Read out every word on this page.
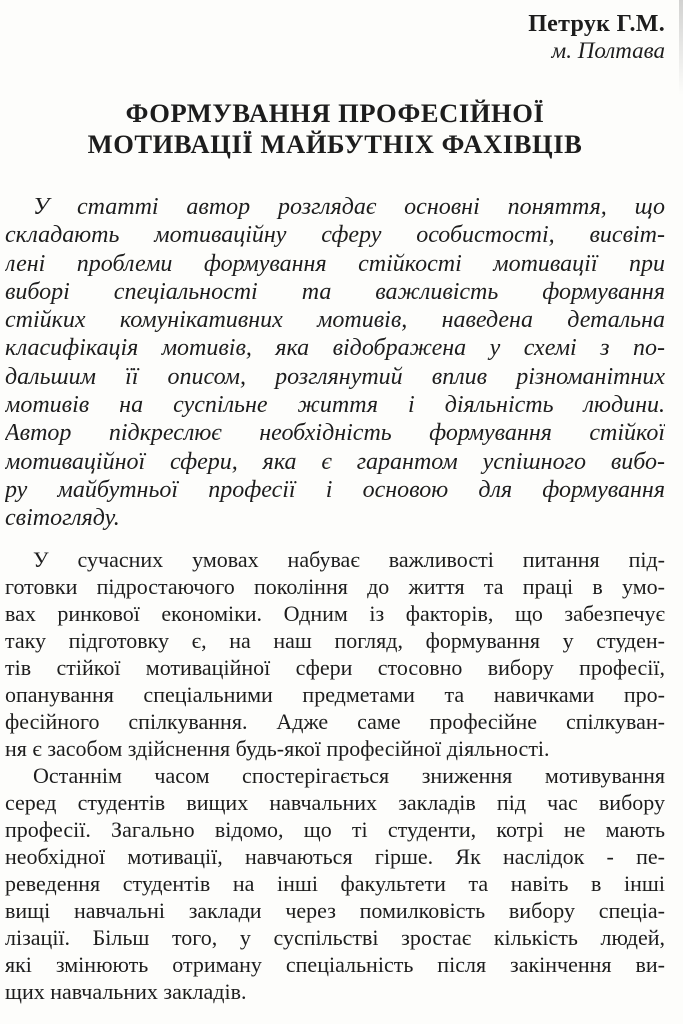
Петрук Г.М.
м. Полтава
ФОРМУВАННЯ ПРОФЕСІЙНОЇ
МОТИВАЦІЇ МАЙБУТНІХ ФАХІВЦІВ
У статті автор розглядає основні поняття, що
складають мотиваційну сферу особистості, висвіт-
лені проблеми формування стійкості мотивації при
виборі спеціальності та важливість формування
стійких комунікативних мотивів, наведена детальна
класифікація мотивів, яка відображена у схемі з по-
дальшим її описом, розглянутий вплив різноманітних
мотивів на суспільне життя і діяльність людини.
Автор підкреслює необхідність формування стійкої
мотиваційної сфери, яка є гарантом успішного вибо-
ру майбутньої професії і основою для формування
світогляду.
У сучасних умовах набуває важливості питання під-
готовки підростаючого покоління до життя та праці в умо-
вах ринкової економіки. Одним із факторів, що забезпечує
таку підготовку є, на наш погляд, формування у студен-
тів стійкої мотиваційної сфери стосовно вибору професії,
опанування спеціальними предметами та навичками про-
фесійного спілкування. Адже саме професійне спілкуван-
ня є засобом здійснення будь-якої професійної діяльності.
Останнім часом спостерігається зниження мотивування
серед студентів вищих навчальних закладів під час вибору
професії. Загально відомо, що ті студенти, котрі не мають
необхідної мотивації, навчаються гірше. Як наслідок - пе-
реведення студентів на інші факультети та навіть в інші
вищі навчальні заклади через помилковість вибору спеціа-
лізації. Більш того, у суспільстві зростає кількість людей,
які змінюють отриману спеціальність після закінчення ви-
щих навчальних закладів.
